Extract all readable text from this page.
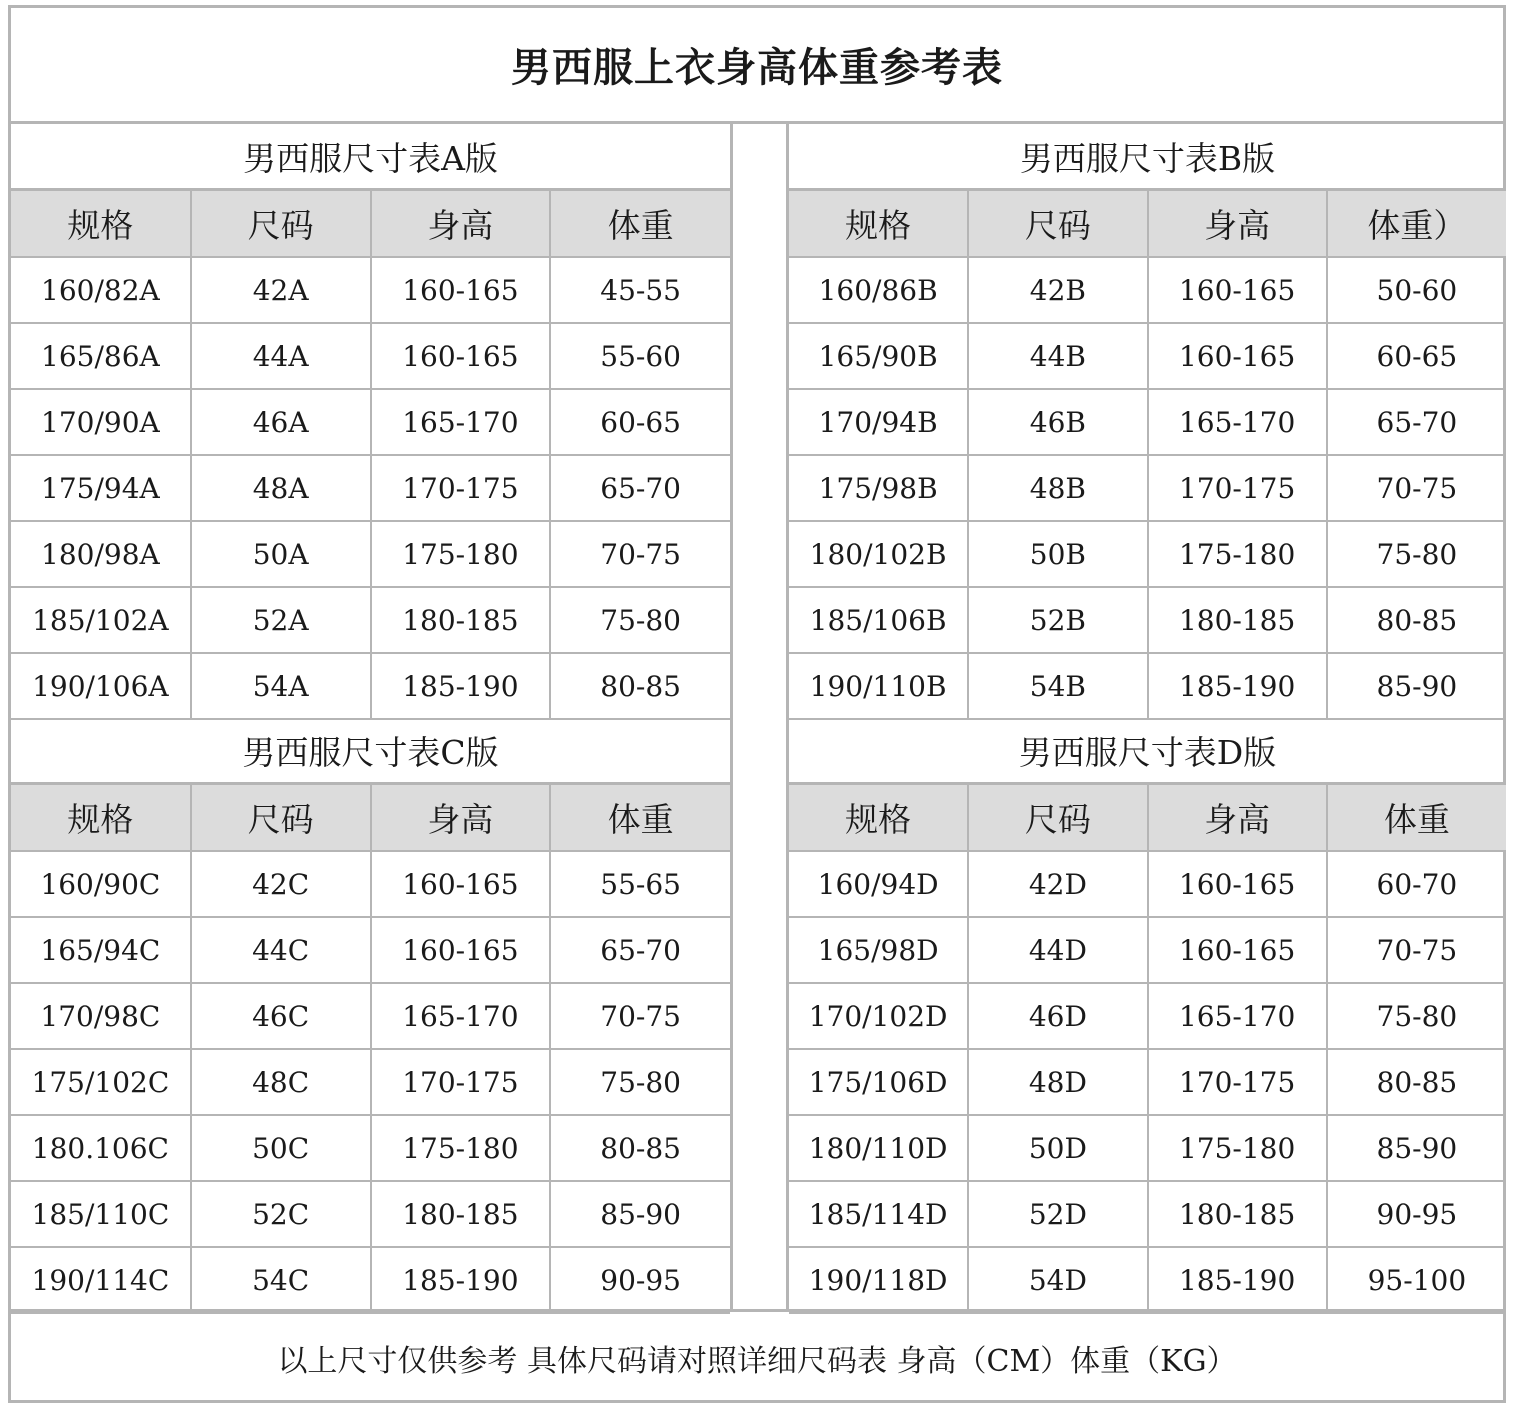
男西服上衣身高体重参考表
男西服尺寸表A版
规格	尺码	身高	体重
160/82A	42A	160-165	45-55
165/86A	44A	160-165	55-60
170/90A	46A	165-170	60-65
175/94A	48A	170-175	65-70
180/98A	50A	175-180	70-75
185/102A	52A	180-185	75-80
190/106A	54A	185-190	80-85
男西服尺寸表B版
规格	尺码	身高	体重）
160/86B	42B	160-165	50-60
165/90B	44B	160-165	60-65
170/94B	46B	165-170	65-70
175/98B	48B	170-175	70-75
180/102B	50B	175-180	75-80
185/106B	52B	180-185	80-85
190/110B	54B	185-190	85-90
男西服尺寸表C版
规格	尺码	身高	体重
160/90C	42C	160-165	55-65
165/94C	44C	160-165	65-70
170/98C	46C	165-170	70-75
175/102C	48C	170-175	75-80
180.106C	50C	175-180	80-85
185/110C	52C	180-185	85-90
190/114C	54C	185-190	90-95
男西服尺寸表D版
规格	尺码	身高	体重
160/94D	42D	160-165	60-70
165/98D	44D	160-165	70-75
170/102D	46D	165-170	75-80
175/106D	48D	170-175	80-85
180/110D	50D	175-180	85-90
185/114D	52D	180-185	90-95
190/118D	54D	185-190	95-100
以上尺寸仅供参考 具体尺码请对照详细尺码表 身高（CM）体重（KG）
